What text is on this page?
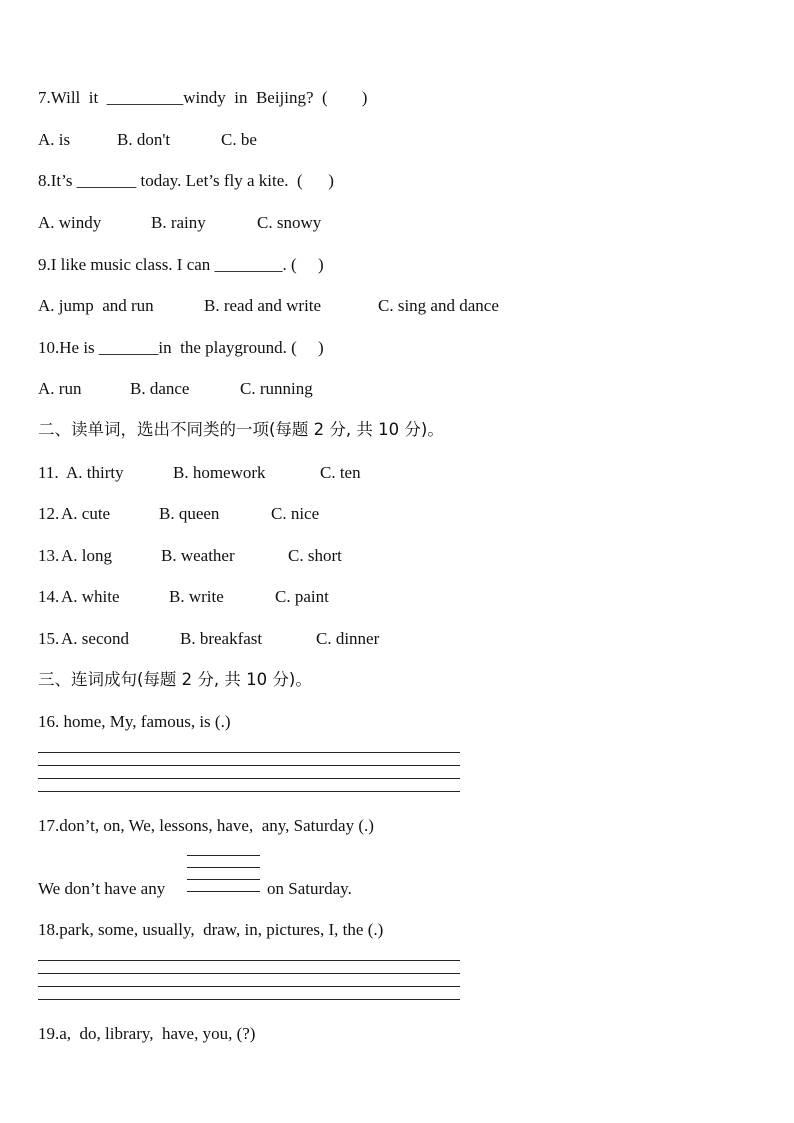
7.Will  it  _________windy  in  Beijing?  (        )
A. is	B. don't	C. be
8.It’s _______ today. Let’s fly a kite.  (      )
A. windy	B. rainy	C. snowy
9.I like music class. I can ________. (     )
A. jump  and run	B. read and write	C. sing and dance
10.He is _______in  the playground. (     )
A. run	B. dance	C. running
二、读单词，选出不同类的一项(每题 2 分, 共 10 分)。
11. A. thirty	B. homework	C. ten
12. A. cute	B. queen	C. nice
13. A. long	B. weather	C. short
14. A. white	B. write	C. paint
15. A. second	B. breakfast	C. dinner
三、连词成句(每题 2 分, 共 10 分)。
16. home, My, famous, is (.)
17.don’t, on, We, lessons, have,  any, Saturday (.)
We don’t have any	on Saturday.
18.park, some, usually,  draw, in, pictures, I, the (.)
19.a,  do, library,  have, you, (?)
